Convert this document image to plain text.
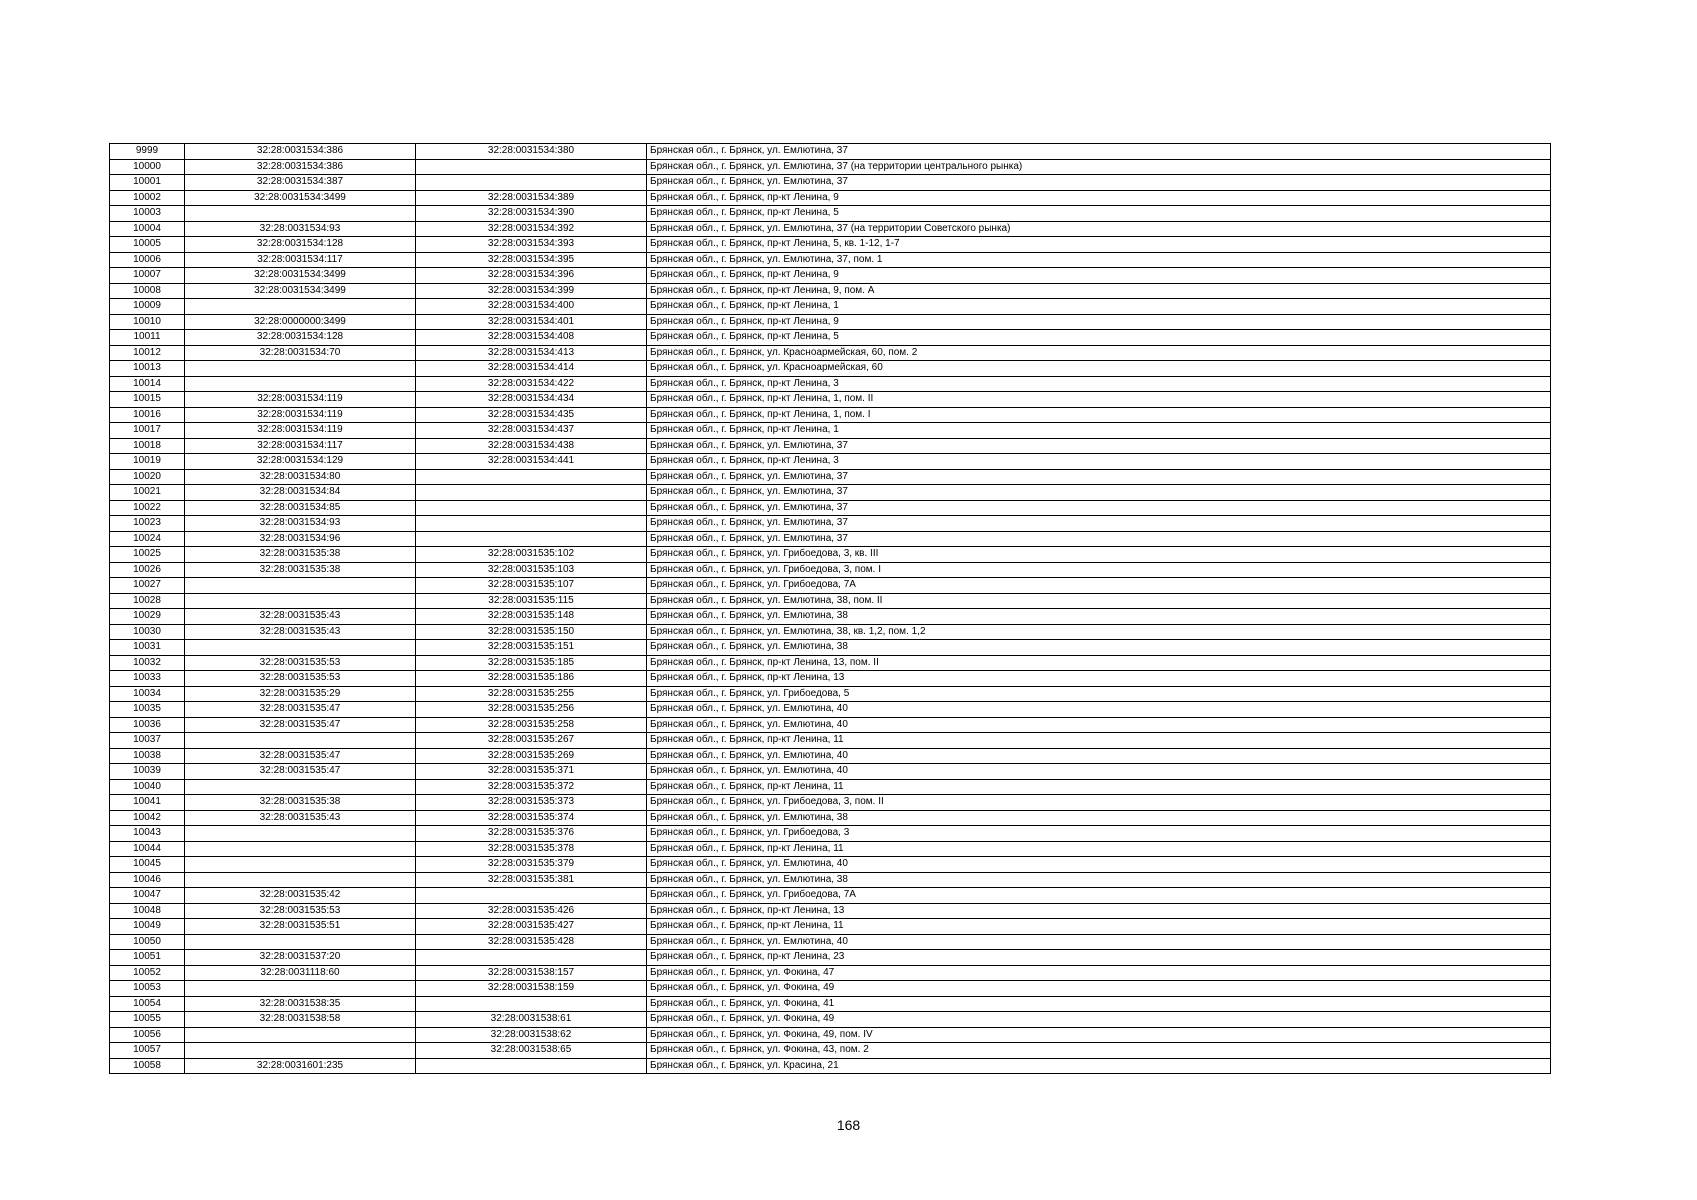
9999	32:28:0031534:386	32:28:0031534:380	Брянская обл., г. Брянск, ул. Емлютина, 37
10000	32:28:0031534:386		Брянская обл., г. Брянск, ул. Емлютина, 37 (на территории центрального рынка)
10001	32:28:0031534:387		Брянская обл., г. Брянск, ул. Емлютина, 37
10002	32:28:0031534:3499	32:28:0031534:389	Брянская обл., г. Брянск, пр-кт Ленина, 9
10003		32:28:0031534:390	Брянская обл., г. Брянск, пр-кт Ленина, 5
10004	32:28:0031534:93	32:28:0031534:392	Брянская обл., г. Брянск, ул. Емлютина, 37 (на территории Советского рынка)
10005	32:28:0031534:128	32:28:0031534:393	Брянская обл., г. Брянск, пр-кт Ленина, 5, кв. 1-12, 1-7
10006	32:28:0031534:117	32:28:0031534:395	Брянская обл., г. Брянск, ул. Емлютина, 37, пом. 1
10007	32:28:0031534:3499	32:28:0031534:396	Брянская обл., г. Брянск, пр-кт Ленина, 9
10008	32:28:0031534:3499	32:28:0031534:399	Брянская обл., г. Брянск, пр-кт Ленина, 9, пом. А
10009		32:28:0031534:400	Брянская обл., г. Брянск, пр-кт Ленина, 1
10010	32:28:0000000:3499	32:28:0031534:401	Брянская обл., г. Брянск, пр-кт Ленина, 9
10011	32:28:0031534:128	32:28:0031534:408	Брянская обл., г. Брянск, пр-кт Ленина, 5
10012	32:28:0031534:70	32:28:0031534:413	Брянская обл., г. Брянск, ул. Красноармейская, 60, пом. 2
10013		32:28:0031534:414	Брянская обл., г. Брянск, ул. Красноармейская, 60
10014		32:28:0031534:422	Брянская обл., г. Брянск, пр-кт Ленина, 3
10015	32:28:0031534:119	32:28:0031534:434	Брянская обл., г. Брянск, пр-кт Ленина, 1, пом. II
10016	32:28:0031534:119	32:28:0031534:435	Брянская обл., г. Брянск, пр-кт Ленина, 1, пом. I
10017	32:28:0031534:119	32:28:0031534:437	Брянская обл., г. Брянск, пр-кт Ленина, 1
10018	32:28:0031534:117	32:28:0031534:438	Брянская обл., г. Брянск, ул. Емлютина, 37
10019	32:28:0031534:129	32:28:0031534:441	Брянская обл., г. Брянск, пр-кт Ленина, 3
10020	32:28:0031534:80		Брянская обл., г. Брянск, ул. Емлютина, 37
10021	32:28:0031534:84		Брянская обл., г. Брянск, ул. Емлютина, 37
10022	32:28:0031534:85		Брянская обл., г. Брянск, ул. Емлютина, 37
10023	32:28:0031534:93		Брянская обл., г. Брянск, ул. Емлютина, 37
10024	32:28:0031534:96		Брянская обл., г. Брянск, ул. Емлютина, 37
10025	32:28:0031535:38	32:28:0031535:102	Брянская обл., г. Брянск, ул. Грибоедова, 3, кв. III
10026	32:28:0031535:38	32:28:0031535:103	Брянская обл., г. Брянск, ул. Грибоедова, 3, пом. I
10027		32:28:0031535:107	Брянская обл., г. Брянск, ул. Грибоедова, 7А
10028		32:28:0031535:115	Брянская обл., г. Брянск, ул. Емлютина, 38, пом. II
10029	32:28:0031535:43	32:28:0031535:148	Брянская обл., г. Брянск, ул. Емлютина, 38
10030	32:28:0031535:43	32:28:0031535:150	Брянская обл., г. Брянск, ул. Емлютина, 38, кв. 1,2, пом. 1,2
10031		32:28:0031535:151	Брянская обл., г. Брянск, ул. Емлютина, 38
10032	32:28:0031535:53	32:28:0031535:185	Брянская обл., г. Брянск, пр-кт Ленина, 13, пом. II
10033	32:28:0031535:53	32:28:0031535:186	Брянская обл., г. Брянск, пр-кт Ленина, 13
10034	32:28:0031535:29	32:28:0031535:255	Брянская обл., г. Брянск, ул. Грибоедова, 5
10035	32:28:0031535:47	32:28:0031535:256	Брянская обл., г. Брянск, ул. Емлютина, 40
10036	32:28:0031535:47	32:28:0031535:258	Брянская обл., г. Брянск, ул. Емлютина, 40
10037		32:28:0031535:267	Брянская обл., г. Брянск, пр-кт Ленина, 11
10038	32:28:0031535:47	32:28:0031535:269	Брянская обл., г. Брянск, ул. Емлютина, 40
10039	32:28:0031535:47	32:28:0031535:371	Брянская обл., г. Брянск, ул. Емлютина, 40
10040		32:28:0031535:372	Брянская обл., г. Брянск, пр-кт Ленина, 11
10041	32:28:0031535:38	32:28:0031535:373	Брянская обл., г. Брянск, ул. Грибоедова, 3, пом. II
10042	32:28:0031535:43	32:28:0031535:374	Брянская обл., г. Брянск, ул. Емлютина, 38
10043		32:28:0031535:376	Брянская обл., г. Брянск, ул. Грибоедова, 3
10044		32:28:0031535:378	Брянская обл., г. Брянск, пр-кт Ленина, 11
10045		32:28:0031535:379	Брянская обл., г. Брянск, ул. Емлютина, 40
10046		32:28:0031535:381	Брянская обл., г. Брянск, ул. Емлютина, 38
10047	32:28:0031535:42		Брянская обл., г. Брянск, ул. Грибоедова, 7А
10048	32:28:0031535:53	32:28:0031535:426	Брянская обл., г. Брянск, пр-кт Ленина, 13
10049	32:28:0031535:51	32:28:0031535:427	Брянская обл., г. Брянск, пр-кт Ленина, 11
10050		32:28:0031535:428	Брянская обл., г. Брянск, ул. Емлютина, 40
10051	32:28:0031537:20		Брянская обл., г. Брянск, пр-кт Ленина, 23
10052	32:28:0031118:60	32:28:0031538:157	Брянская обл., г. Брянск, ул. Фокина, 47
10053		32:28:0031538:159	Брянская обл., г. Брянск, ул. Фокина, 49
10054	32:28:0031538:35		Брянская обл., г. Брянск, ул. Фокина, 41
10055	32:28:0031538:58	32:28:0031538:61	Брянская обл., г. Брянск, ул. Фокина, 49
10056		32:28:0031538:62	Брянская обл., г. Брянск, ул. Фокина, 49, пом. IV
10057		32:28:0031538:65	Брянская обл., г. Брянск, ул. Фокина, 43, пом. 2
10058	32:28:0031601:235		Брянская обл., г. Брянск, ул. Красина, 21
168
